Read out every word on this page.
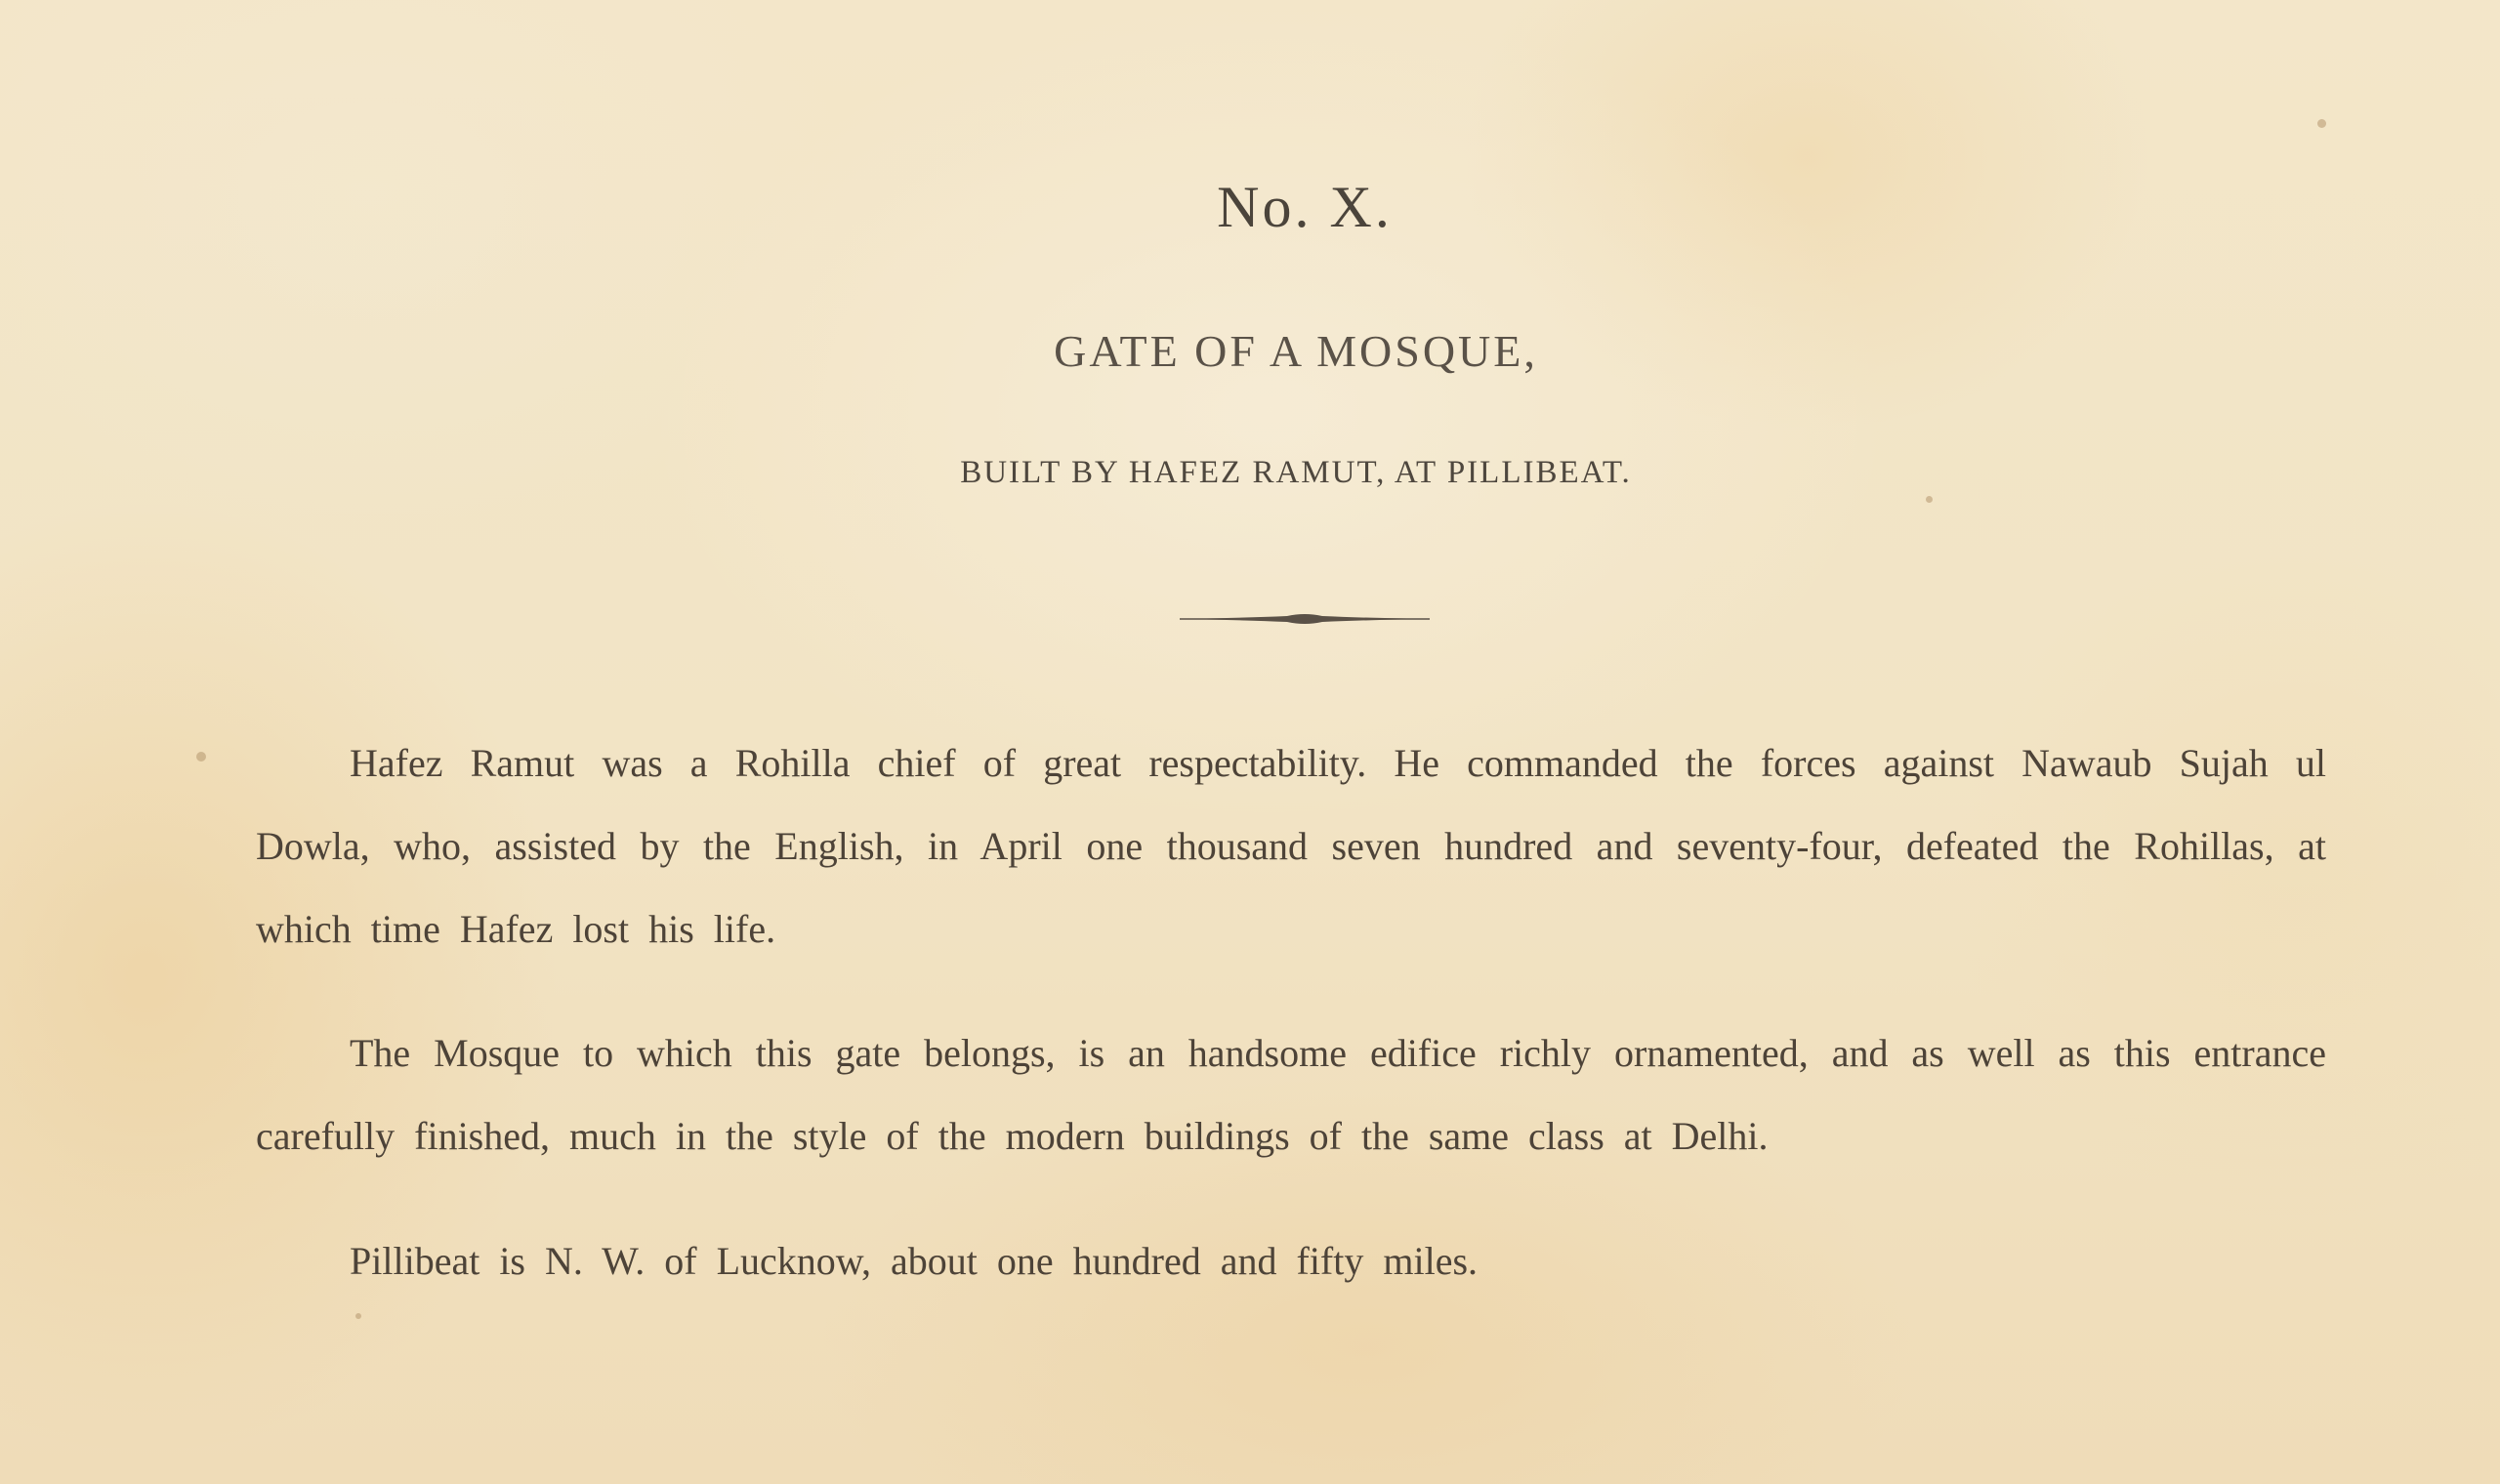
No. X.
GATE OF A MOSQUE,
BUILT BY HAFEZ RAMUT, AT PILLIBEAT.

Hafez Ramut was a Rohilla chief of great respectability. He commanded the forces against Nawaub Sujah ul Dowla, who, assisted by the English, in April one thousand seven hundred and seventy-four, defeated the Rohillas, at which time Hafez lost his life.

The Mosque to which this gate belongs, is an handsome edifice richly ornamented, and as well as this entrance carefully finished, much in the style of the modern buildings of the same class at Delhi.

Pillibeat is N. W. of Lucknow, about one hundred and fifty miles.
